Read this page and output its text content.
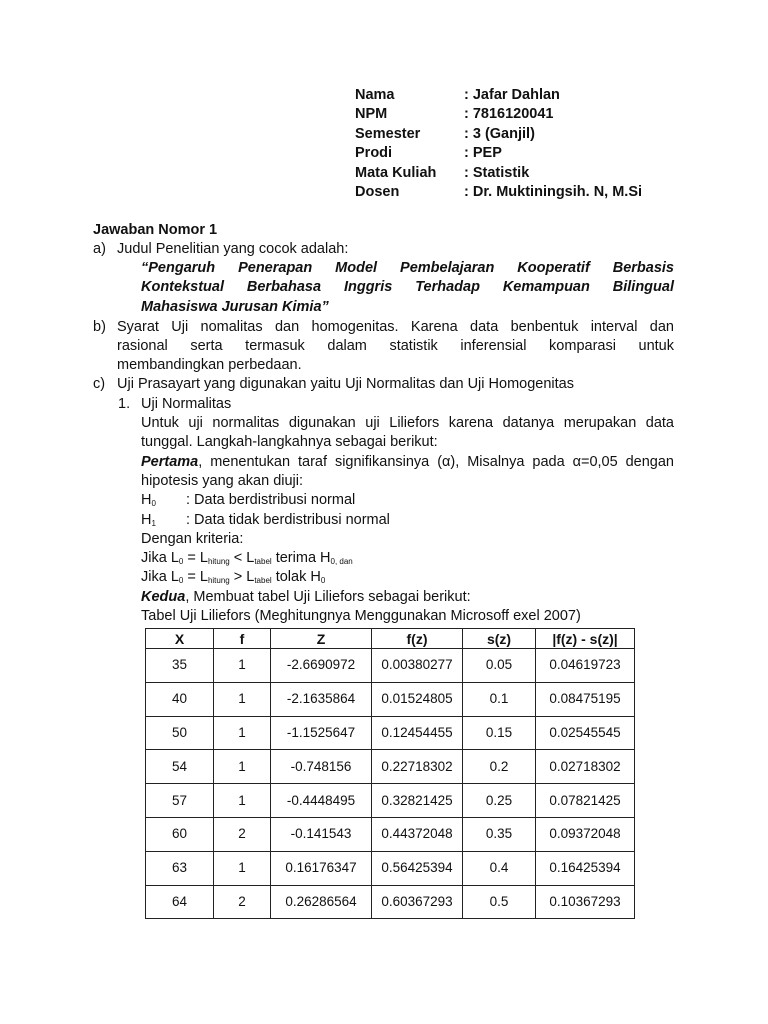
Nama	: Jafar Dahlan
NPM	: 7816120041
Semester	: 3 (Ganjil)
Prodi	: PEP
Mata Kuliah : Statistik
Dosen	: Dr. Muktiningsih. N, M.Si
Jawaban Nomor 1
a) Judul Penelitian yang cocok adalah:
“Pengaruh Penerapan Model Pembelajaran Kooperatif Berbasis
Kontekstual Berbahasa Inggris Terhadap Kemampuan Bilingual
Mahasiswa Jurusan Kimia”
b) Syarat Uji nomalitas dan homogenitas. Karena data benbentuk interval dan
rasional serta termasuk dalam statistik inferensial komparasi untuk
membandingkan perbedaan.
c) Uji Prasayart yang digunakan yaitu Uji Normalitas dan Uji Homogenitas
1. Uji Normalitas
Untuk uji normalitas digunakan uji Liliefors karena datanya merupakan data
tunggal. Langkah-langkahnya sebagai berikut:
Pertama, menentukan taraf signifikansinya (α), Misalnya pada α=0,05 dengan
hipotesis yang akan diuji:
$H_0$ : Data berdistribusi normal
$H_1$ : Data tidak berdistribusi normal
Dengan kriteria:
Jika $L_0 = L_{hitung} < L_{tabel}$ terima $H_{0, dan}$
Jika $L_0 = L_{hitung}$ ˃ $L_{tabel}$ tolak $H_0$
Kedua, Membuat tabel Uji Liliefors sebagai berikut:
Tabel Uji Liliefors (Meghitungnya Menggunakan Microsoff exel 2007)
X	f	Z	f(z)	s(z)	|f(z) - s(z)|
35	1	-2.6690972	0.00380277	0.05	0.04619723
40	1	-2.1635864	0.01524805	0.1	0.08475195
50	1	-1.1525647	0.12454455	0.15	0.02545545
54	1	-0.748156	0.22718302	0.2	0.02718302
57	1	-0.4448495	0.32821425	0.25	0.07821425
60	2	-0.141543	0.44372048	0.35	0.09372048
63	1	0.16176347	0.56425394	0.4	0.16425394
64	2	0.26286564	0.60367293	0.5	0.10367293
